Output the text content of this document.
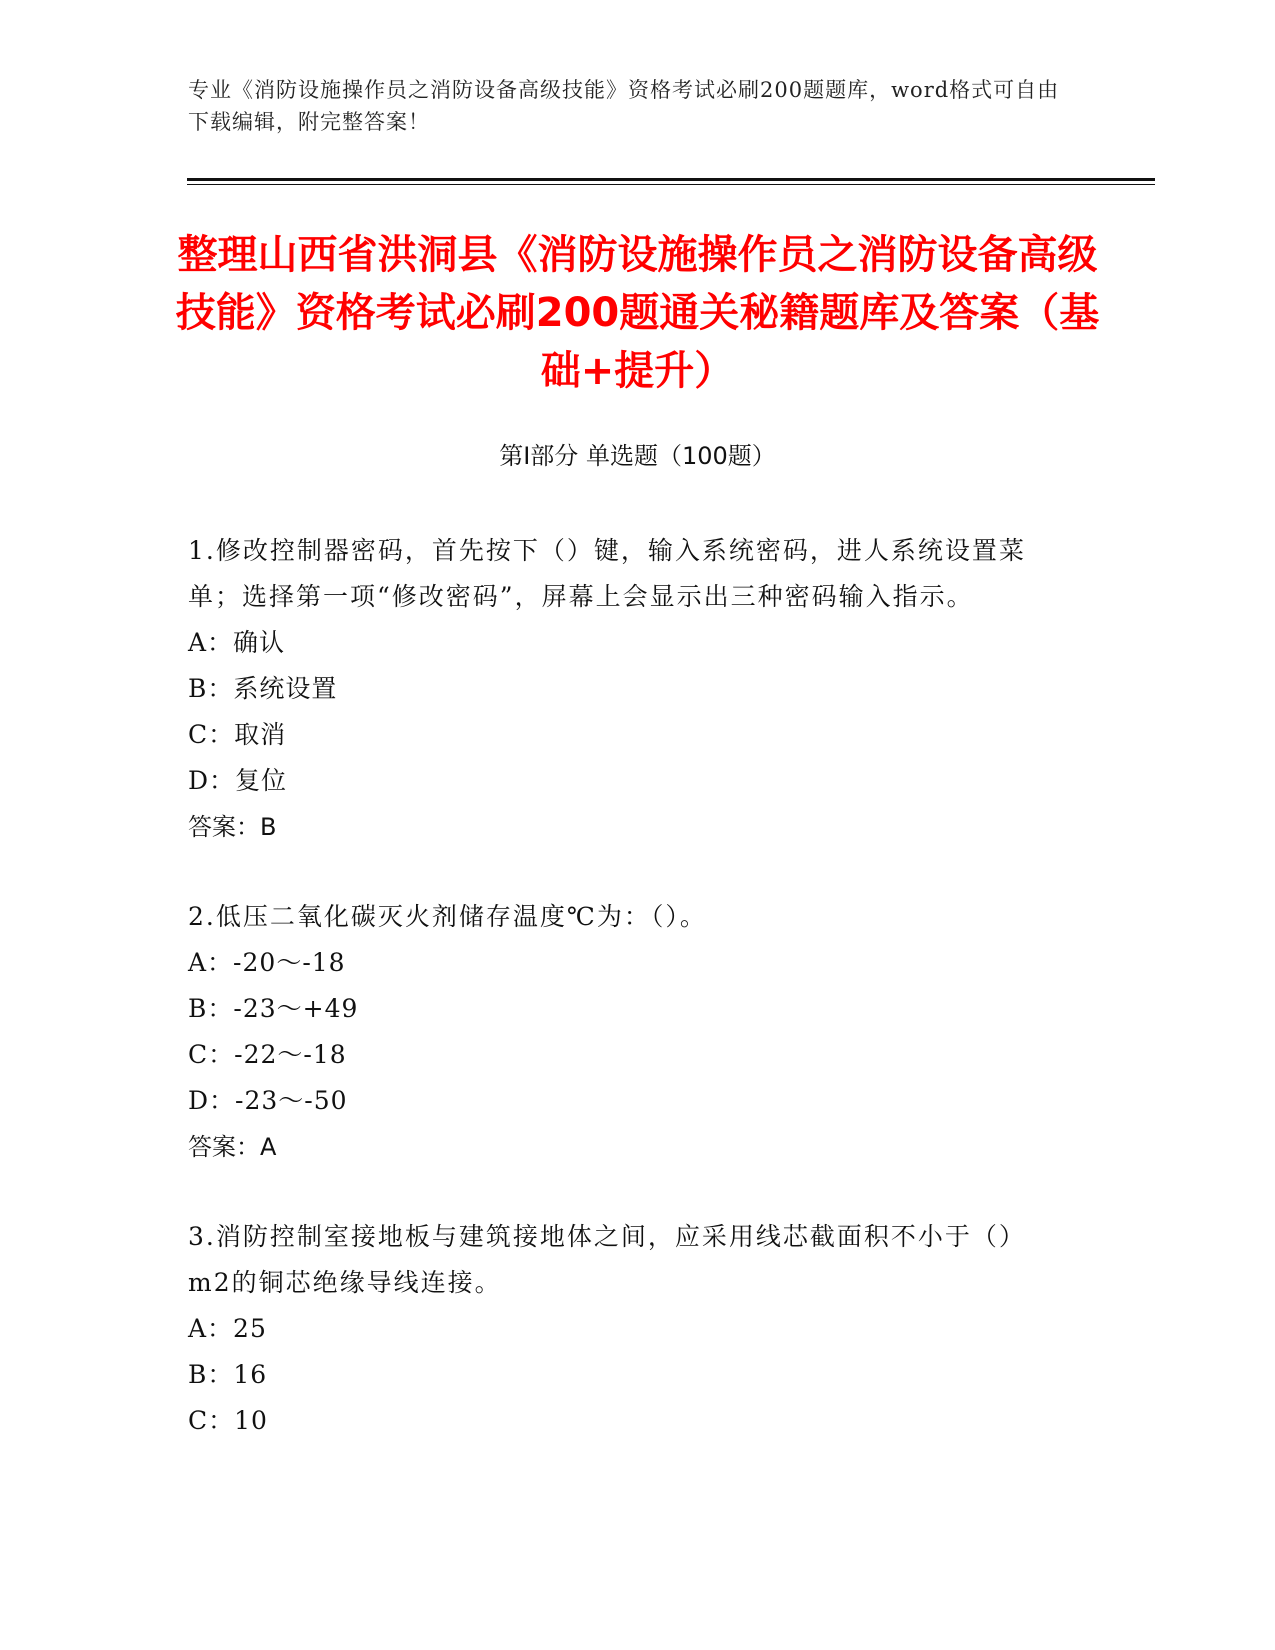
专业《消防设施操作员之消防设备高级技能》资格考试必刷200题题库，word格式可自由下载编辑，附完整答案！
整理山西省洪洞县《消防设施操作员之消防设备高级技能》资格考试必刷200题通关秘籍题库及答案（基础+提升）
第I部分 单选题（100题）

1.修改控制器密码，首先按下（）键，输入系统密码，进人系统设置菜单；选择第一项“修改密码”，屏幕上会显示出三种密码输入指示。

A：确认

B：系统设置

C：取消

D：复位

答案：B

2.低压二氧化碳灭火剂储存温度℃为：（）。

A：-20～-18

B：-23～+49

C：-22～-18

D：-23～-50

答案：A

3.消防控制室接地板与建筑接地体之间，应采用线芯截面积不小于（）m2的铜芯绝缘导线连接。

A：25

B：16

C：10
